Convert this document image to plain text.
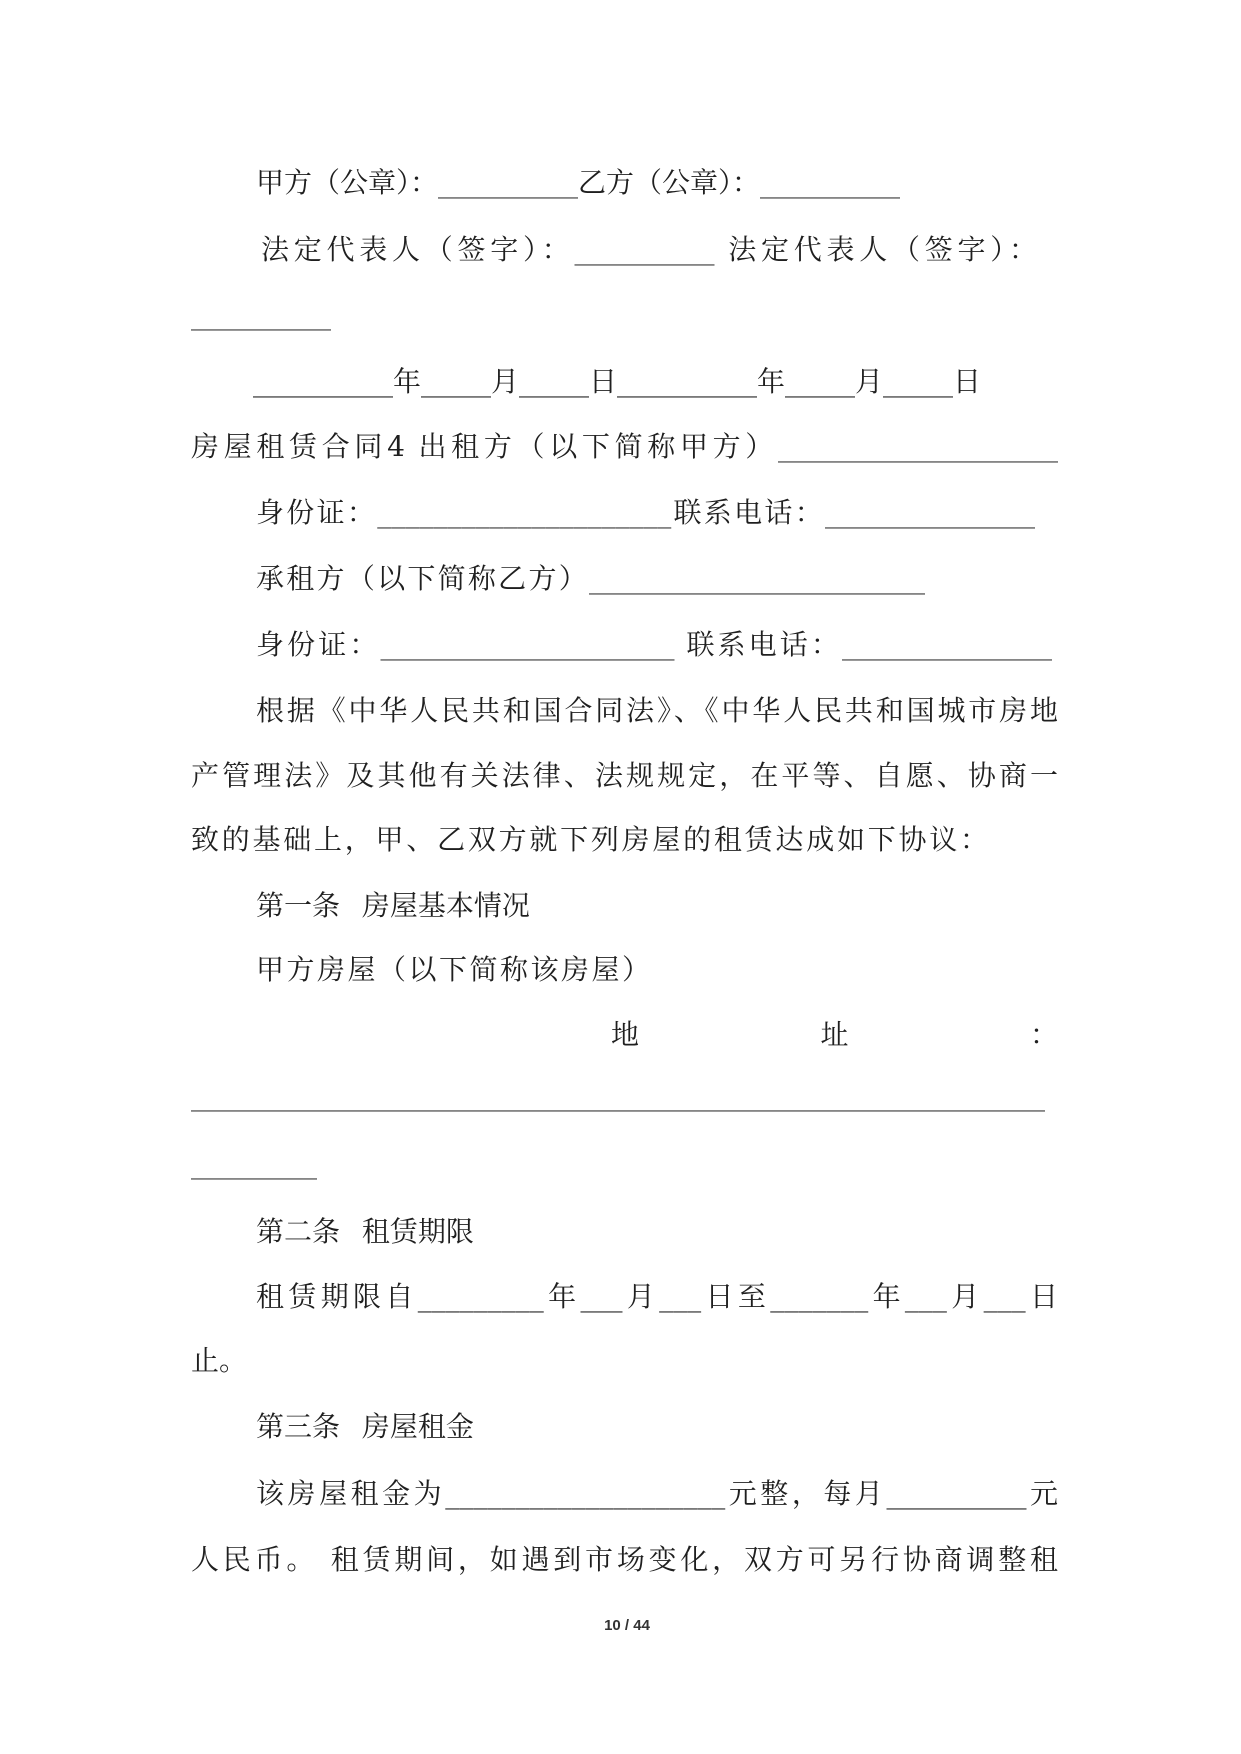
甲方（公章）：__________乙方（公章）：__________
法定代表人（签字）：__________ 法定代表人（签字）：
__________
__________年_____月_____日__________年_____月_____日
房屋租赁合同4 出租方（以下简称甲方）____________________
身份证：_____________________联系电话：_______________
承租方（以下简称乙方）________________________
身份证：_____________________ 联系电话：_______________
根据《中华人民共和国合同法》、《中华人民共和国城市房地
产管理法》及其他有关法律、法规规定，在平等、自愿、协商一
致的基础上，甲、乙双方就下列房屋的租赁达成如下协议：
第一条 房屋基本情况
甲方房屋（以下简称该房屋）
地	址	：
_____________________________________________________________
_________
第二条 租赁期限
租赁期限自_________年___月___日至_______年___月___日
止。
第三条 房屋租金
该房屋租金为____________________元整，每月__________元
人民币。 租赁期间，如遇到市场变化，双方可另行协商调整租
10 / 44
